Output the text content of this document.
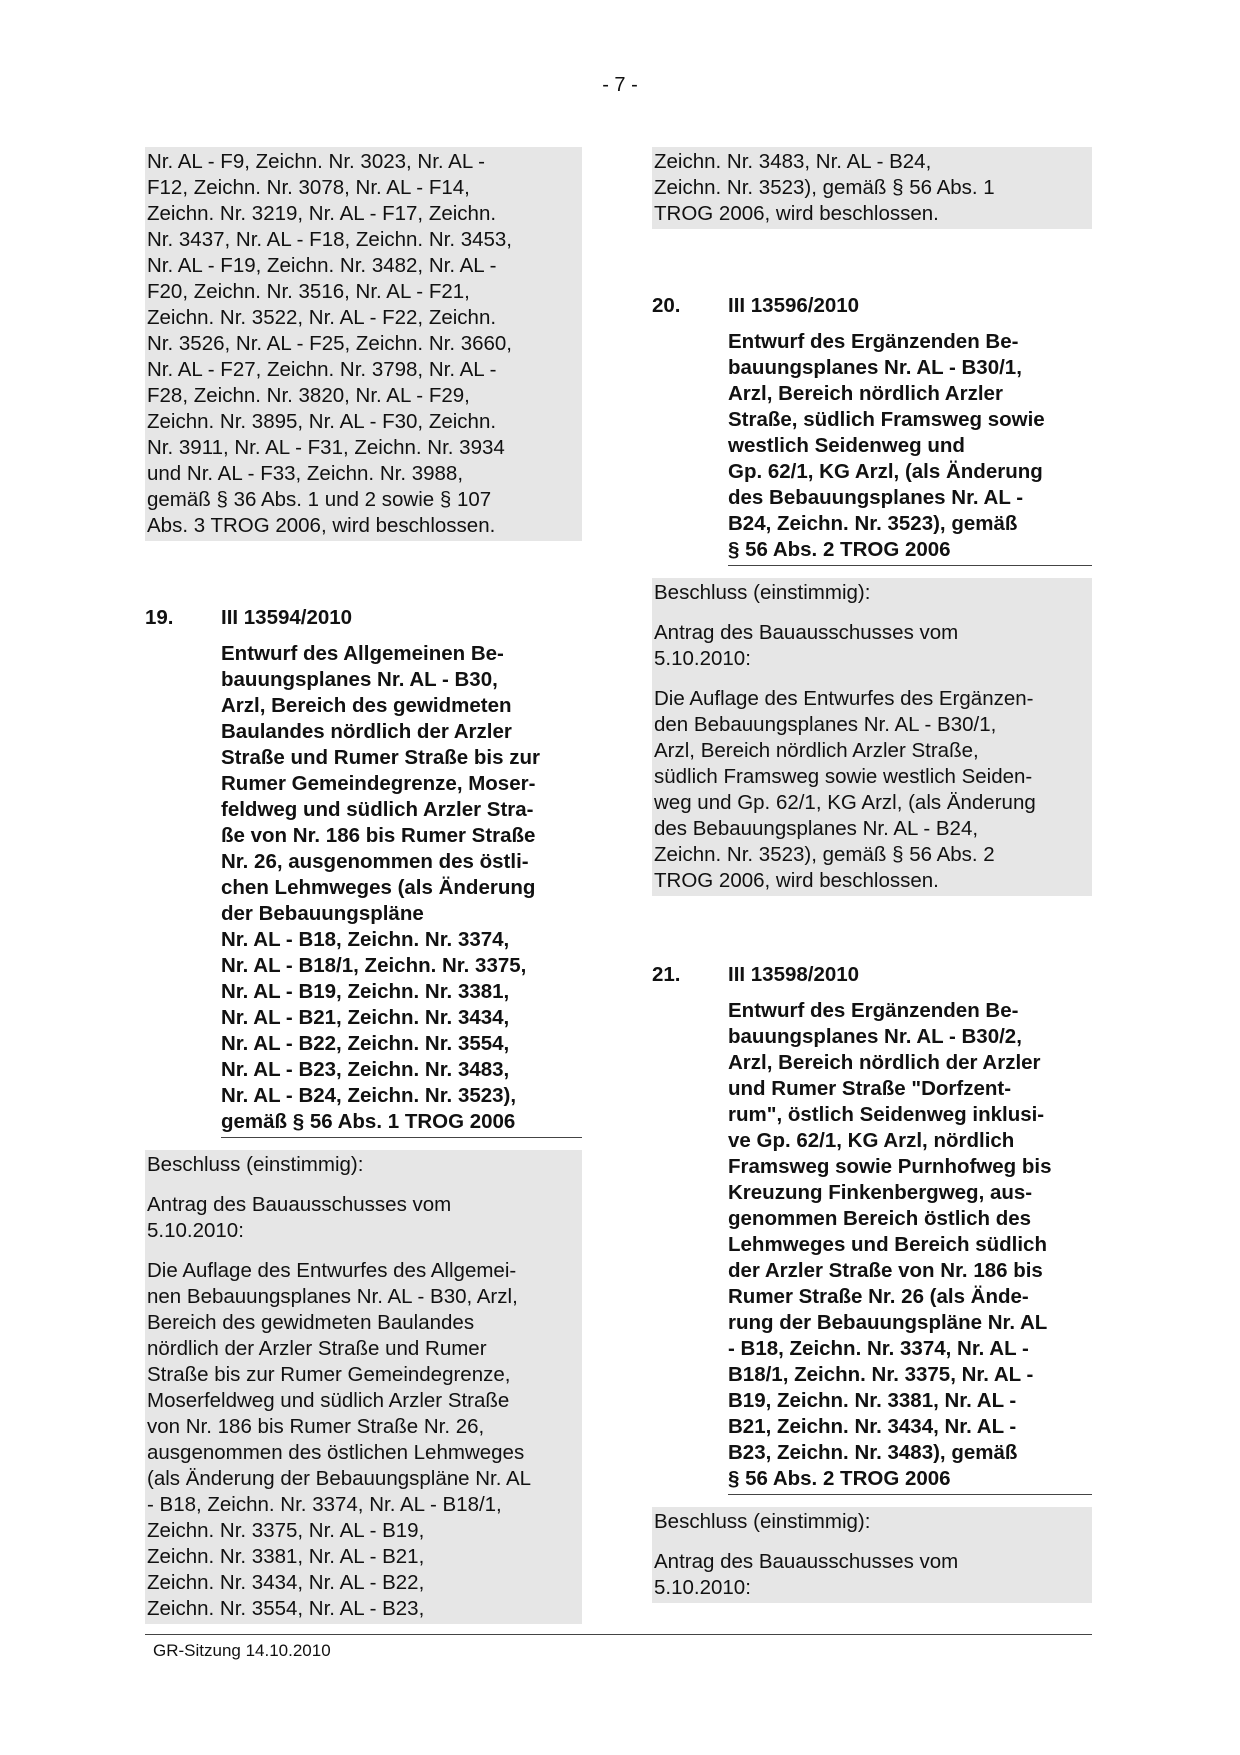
- 7 -
Nr. AL - F9, Zeichn. Nr. 3023, Nr. AL -
F12, Zeichn. Nr. 3078, Nr. AL - F14,
Zeichn. Nr. 3219, Nr. AL - F17, Zeichn.
Nr. 3437, Nr. AL - F18, Zeichn. Nr. 3453,
Nr. AL - F19, Zeichn. Nr. 3482, Nr. AL -
F20, Zeichn. Nr. 3516, Nr. AL - F21,
Zeichn. Nr. 3522, Nr. AL - F22, Zeichn.
Nr. 3526, Nr. AL - F25, Zeichn. Nr. 3660,
Nr. AL - F27, Zeichn. Nr. 3798, Nr. AL -
F28, Zeichn. Nr. 3820, Nr. AL - F29,
Zeichn. Nr. 3895, Nr. AL - F30, Zeichn.
Nr. 3911, Nr. AL - F31, Zeichn. Nr. 3934
und Nr. AL - F33, Zeichn. Nr. 3988,
gemäß § 36 Abs. 1 und 2 sowie § 107
Abs. 3 TROG 2006, wird beschlossen.
19.	III 13594/2010
Entwurf des Allgemeinen Be-
bauungsplanes Nr. AL - B30,
Arzl, Bereich des gewidmeten
Baulandes nördlich der Arzler
Straße und Rumer Straße bis zur
Rumer Gemeindegrenze, Moser-
feldweg und südlich Arzler Stra-
ße von Nr. 186 bis Rumer Straße
Nr. 26, ausgenommen des östli-
chen Lehmweges (als Änderung
der Bebauungspläne
Nr. AL - B18, Zeichn. Nr. 3374,
Nr. AL - B18/1, Zeichn. Nr. 3375,
Nr. AL - B19, Zeichn. Nr. 3381,
Nr. AL - B21, Zeichn. Nr. 3434,
Nr. AL - B22, Zeichn. Nr. 3554,
Nr. AL - B23, Zeichn. Nr. 3483,
Nr. AL - B24, Zeichn. Nr. 3523),
gemäß § 56 Abs. 1 TROG 2006
Beschluss (einstimmig):
Antrag des Bauausschusses vom
5.10.2010:
Die Auflage des Entwurfes des Allgemei-
nen Bebauungsplanes Nr. AL - B30, Arzl,
Bereich des gewidmeten Baulandes
nördlich der Arzler Straße und Rumer
Straße bis zur Rumer Gemeindegrenze,
Moserfeldweg und südlich Arzler Straße
von Nr. 186 bis Rumer Straße Nr. 26,
ausgenommen des östlichen Lehmweges
(als Änderung der Bebauungspläne Nr. AL
- B18, Zeichn. Nr. 3374, Nr. AL - B18/1,
Zeichn. Nr. 3375, Nr. AL - B19,
Zeichn. Nr. 3381, Nr. AL - B21,
Zeichn. Nr. 3434, Nr. AL - B22,
Zeichn. Nr. 3554, Nr. AL - B23,
Zeichn. Nr. 3483, Nr. AL - B24,
Zeichn. Nr. 3523), gemäß § 56 Abs. 1
TROG 2006, wird beschlossen.
20.	III 13596/2010
Entwurf des Ergänzenden Be-
bauungsplanes Nr. AL - B30/1,
Arzl, Bereich nördlich Arzler
Straße, südlich Framsweg sowie
westlich Seidenweg und
Gp. 62/1, KG Arzl, (als Änderung
des Bebauungsplanes Nr. AL -
B24, Zeichn. Nr. 3523), gemäß
§ 56 Abs. 2 TROG 2006
Beschluss (einstimmig):
Antrag des Bauausschusses vom
5.10.2010:
Die Auflage des Entwurfes des Ergänzen-
den Bebauungsplanes Nr. AL - B30/1,
Arzl, Bereich nördlich Arzler Straße,
südlich Framsweg sowie westlich Seiden-
weg und Gp. 62/1, KG Arzl, (als Änderung
des Bebauungsplanes Nr. AL - B24,
Zeichn. Nr. 3523), gemäß § 56 Abs. 2
TROG 2006, wird beschlossen.
21.	III 13598/2010
Entwurf des Ergänzenden Be-
bauungsplanes Nr. AL - B30/2,
Arzl, Bereich nördlich der Arzler
und Rumer Straße "Dorfzent-
rum", östlich Seidenweg inklusi-
ve Gp. 62/1, KG Arzl, nördlich
Framsweg sowie Purnhofweg bis
Kreuzung Finkenbergweg, aus-
genommen Bereich östlich des
Lehmweges und Bereich südlich
der Arzler Straße von Nr. 186 bis
Rumer Straße Nr. 26 (als Ände-
rung der Bebauungspläne Nr. AL
- B18, Zeichn. Nr. 3374, Nr. AL -
B18/1, Zeichn. Nr. 3375, Nr. AL -
B19, Zeichn. Nr. 3381, Nr. AL -
B21, Zeichn. Nr. 3434, Nr. AL -
B23, Zeichn. Nr. 3483), gemäß
§ 56 Abs. 2 TROG 2006
Beschluss (einstimmig):
Antrag des Bauausschusses vom
5.10.2010:
GR-Sitzung 14.10.2010
